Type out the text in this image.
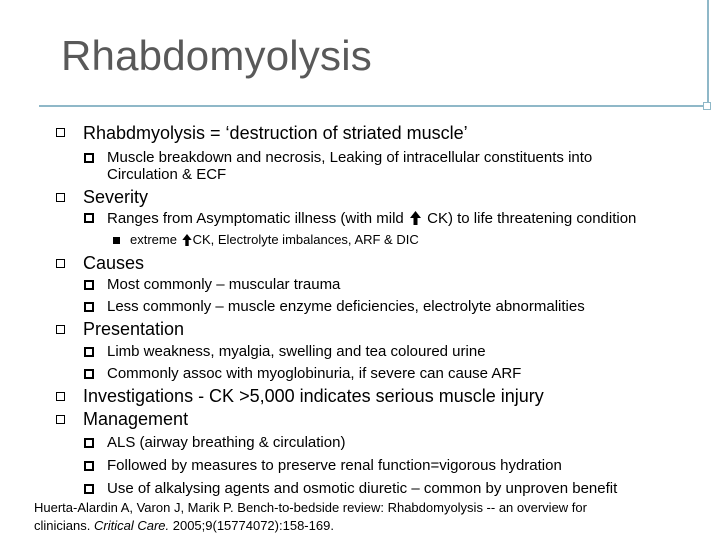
Rhabdomyolysis
Rhabdmyolysis = ‘destruction of striated muscle’
Muscle breakdown and necrosis, Leaking of intracellular constituents into
Circulation & ECF
Severity
Ranges from Asymptomatic illness (with mild CK) to life threatening condition
extreme CK, Electrolyte imbalances, ARF & DIC
Causes
Most commonly – muscular trauma
Less commonly – muscle enzyme deficiencies, electrolyte abnormalities
Presentation
Limb weakness, myalgia, swelling and tea coloured urine
Commonly assoc with myoglobinuria, if severe can cause ARF
Investigations - CK >5,000 indicates serious muscle injury
Management
ALS (airway breathing & circulation)
Followed by measures to preserve renal function=vigorous hydration
Use of alkalysing agents and osmotic diuretic – common by unproven benefit
Huerta-Alardin A, Varon J, Marik P. Bench-to-bedside review: Rhabdomyolysis -- an overview for
clinicians. Critical Care. 2005;9(15774072):158-169.
